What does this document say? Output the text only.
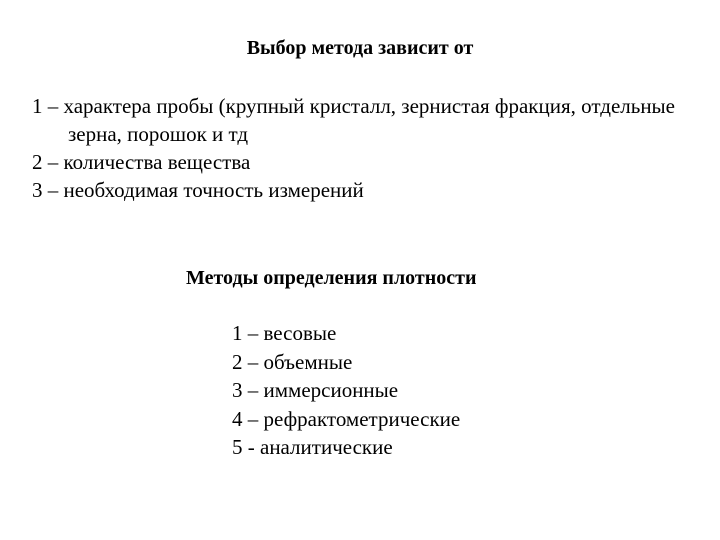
Выбор метода зависит от
1 – характера пробы (крупный кристалл, зернистая фракция, отдельные зерна, порошок и тд
2 – количества вещества
3 – необходимая точность измерений
Методы определения плотности
1 – весовые
2 – объемные
3 – иммерсионные
4 – рефрактометрические
5 - аналитические
